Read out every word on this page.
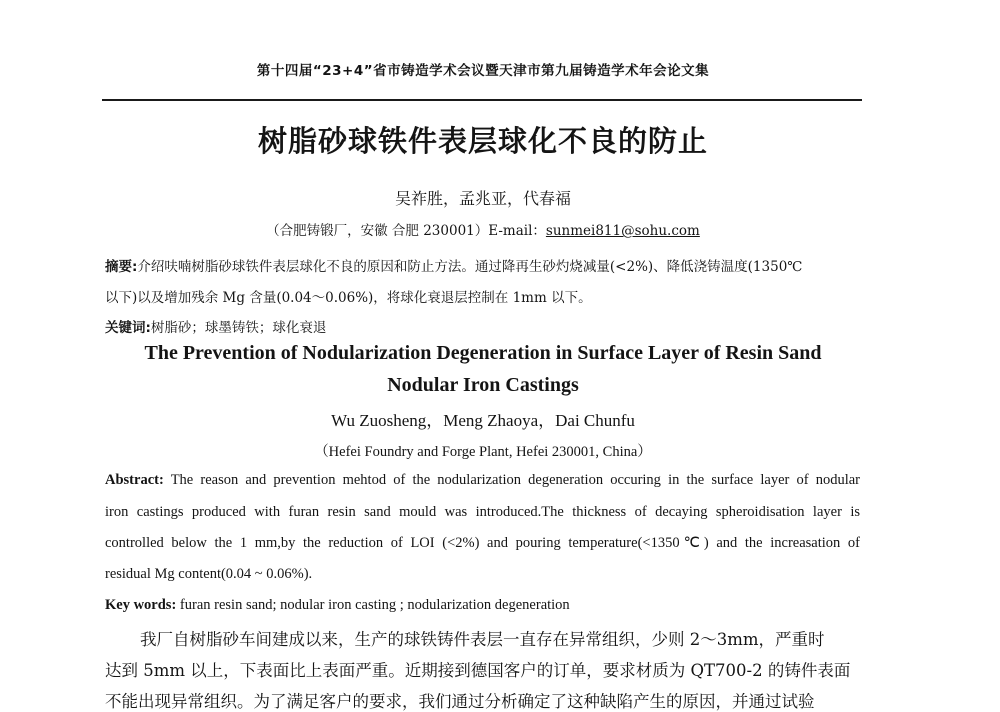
第十四届“23+4”省市铸造学术会议暨天津市第九届铸造学术年会论文集
树脂砂球铁件表层球化不良的防止
吴祚胜，孟兆亚，代春福
（合肥铸锻厂，安徽 合肥 230001）E-mail：sunmei811@sohu.com
摘要:介绍呋喃树脂砂球铁件表层球化不良的原因和防止方法。通过降再生砂灼烧减量(<2%)、降低浇铸温度(1350℃
以下)以及增加残余 Mg 含量(0.04～0.06%)，将球化衰退层控制在 1mm 以下。
关键词:树脂砂；球墨铸铁；球化衰退
The Prevention of Nodularization Degeneration in Surface Layer of Resin Sand
Nodular Iron Castings
Wu Zuosheng，Meng Zhaoya，Dai Chunfu
（Hefei Foundry and Forge Plant, Hefei 230001, China）
Abstract: The reason and prevention mehtod of the nodularization degeneration occuring in the surface layer of nodular
iron castings produced with furan resin sand mould was introduced.The thickness of decaying spheroidisation layer is
controlled below the 1 mm,by the reduction of LOI (<2%) and pouring temperature(<1350℃) and the increasation of
residual Mg content(0.04 ~ 0.06%).
Key words: furan resin sand; nodular iron casting ; nodularization degeneration
我厂自树脂砂车间建成以来，生产的球铁铸件表层一直存在异常组织，少则 2～3mm，严重时
达到 5mm 以上，下表面比上表面严重。近期接到德国客户的订单，要求材质为 QT700-2 的铸件表面
不能出现异常组织。为了满足客户的要求，我们通过分析确定了这种缺陷产生的原因，并通过试验
